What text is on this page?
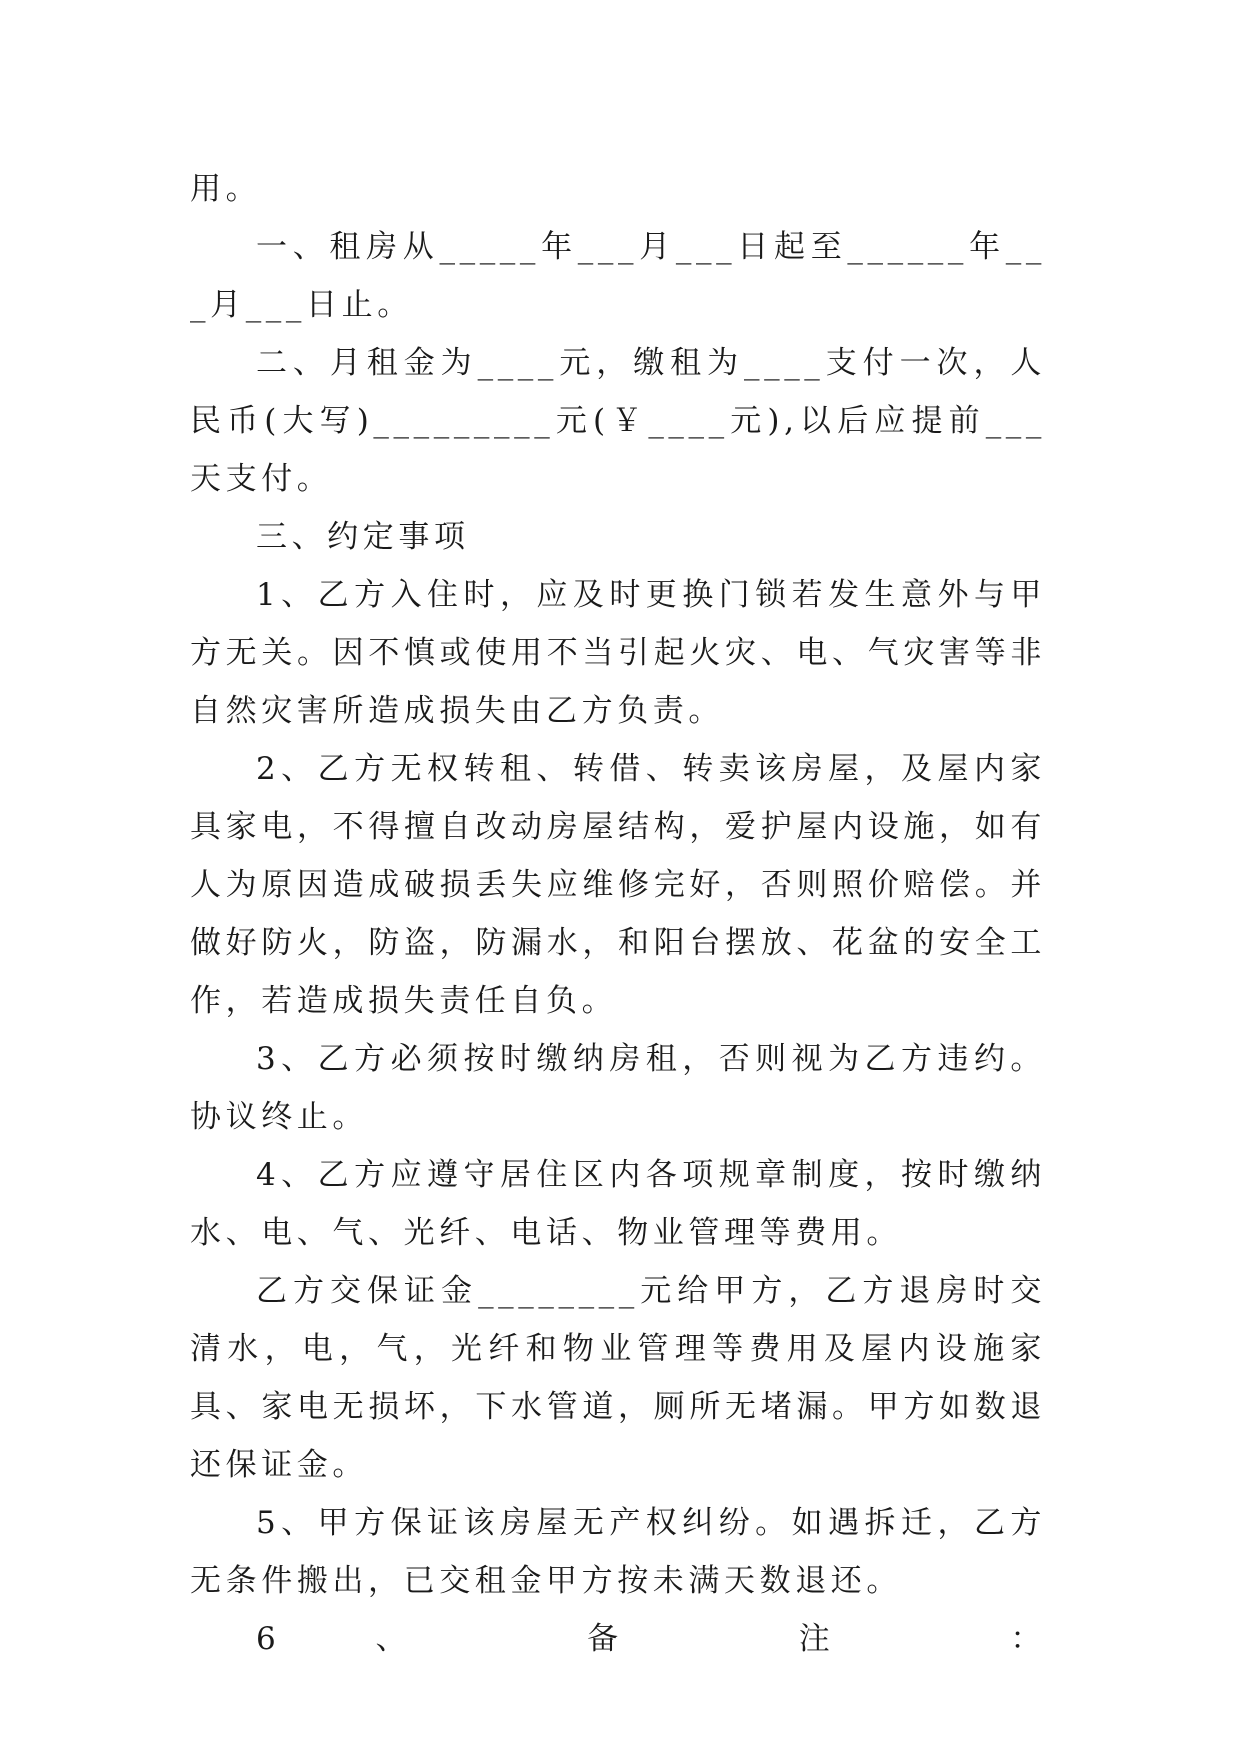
用。

一、租房从_____年___月___日起至______年___月___日止。

二、月租金为____元，缴租为____支付一次，人民币(大写)_________元(￥____元),以后应提前___天支付。

三、约定事项

1、乙方入住时，应及时更换门锁若发生意外与甲方无关。因不慎或使用不当引起火灾、电、气灾害等非自然灾害所造成损失由乙方负责。

2、乙方无权转租、转借、转卖该房屋，及屋内家具家电，不得擅自改动房屋结构，爱护屋内设施，如有人为原因造成破损丢失应维修完好，否则照价赔偿。并做好防火，防盗，防漏水，和阳台摆放、花盆的安全工作，若造成损失责任自负。

3、乙方必须按时缴纳房租，否则视为乙方违约。协议终止。

4、乙方应遵守居住区内各项规章制度，按时缴纳水、电、气、光纤、电话、物业管理等费用。

乙方交保证金________元给甲方，乙方退房时交清水，电，气，光纤和物业管理等费用及屋内设施家具、家电无损坏，下水管道，厕所无堵漏。甲方如数退还保证金。

5、甲方保证该房屋无产权纠纷。如遇拆迁，乙方无条件搬出，已交租金甲方按未满天数退还。

6 、 备 注 ：
